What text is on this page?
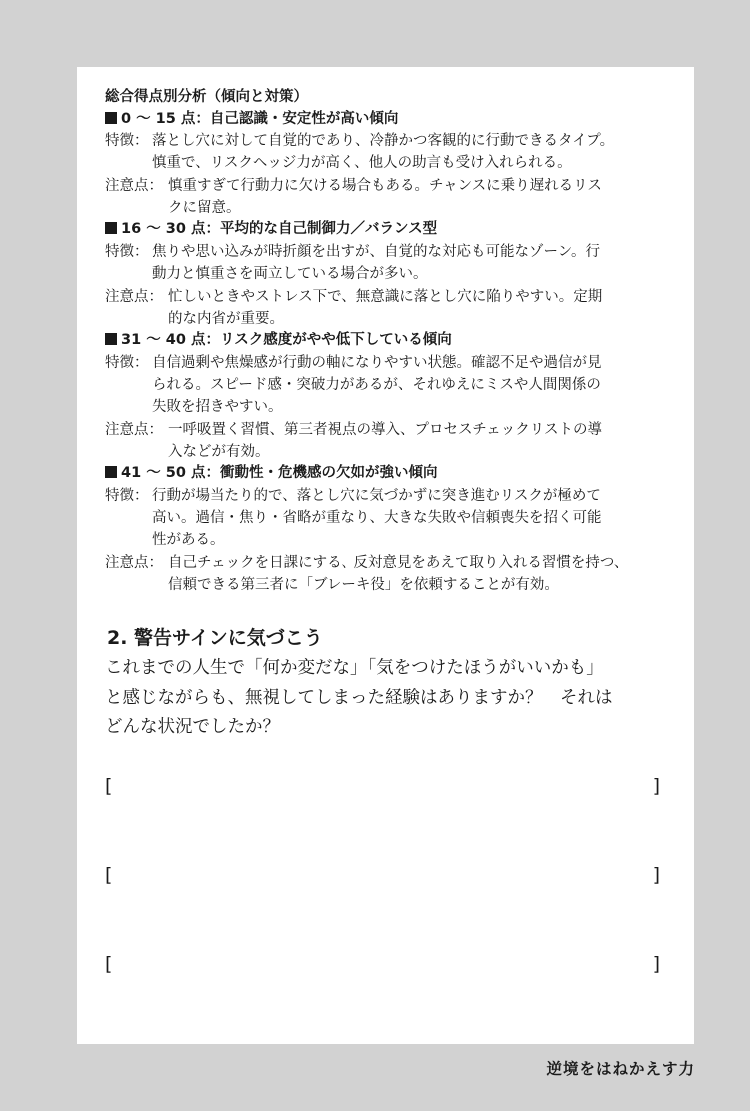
総合得点別分析（傾向と対策）
0 ～ 15 点：自己認識・安定性が高い傾向
特徴： 落とし穴に対して自覚的であり、冷静かつ客観的に行動できるタイプ。
慎重で、リスクヘッジ力が高く、他人の助言も受け入れられる。
注意点： 慎重すぎて行動力に欠ける場合もある。チャンスに乗り遅れるリス
クに留意。
16 ～ 30 点：平均的な自己制御力／バランス型
特徴： 焦りや思い込みが時折顔を出すが、自覚的な対応も可能なゾーン。行
動力と慎重さを両立している場合が多い。
注意点： 忙しいときやストレス下で、無意識に落とし穴に陥りやすい。定期
的な内省が重要。
31 ～ 40 点：リスク感度がやや低下している傾向
特徴： 自信過剰や焦燥感が行動の軸になりやすい状態。確認不足や過信が見
られる。スピード感・突破力があるが、それゆえにミスや人間関係の
失敗を招きやすい。
注意点： 一呼吸置く習慣、第三者視点の導入、プロセスチェックリストの導
入などが有効。
41 ～ 50 点：衝動性・危機感の欠如が強い傾向
特徴： 行動が場当たり的で、落とし穴に気づかずに突き進むリスクが極めて
高い。過信・焦り・省略が重なり、大きな失敗や信頼喪失を招く可能
性がある。
注意点： 自己チェックを日課にする､ 反対意見をあえて取り入れる習慣を持つ、
信頼できる第三者に「ブレーキ役」を依頼することが有効。
2. 警告サインに気づこう
これまでの人生で「何か変だな」「気をつけたほうがいいかも」
と感じながらも、無視してしまった経験はありますか？　それは
どんな状況でしたか？
[	]
[	]
[	]
逆境をはねかえす力
